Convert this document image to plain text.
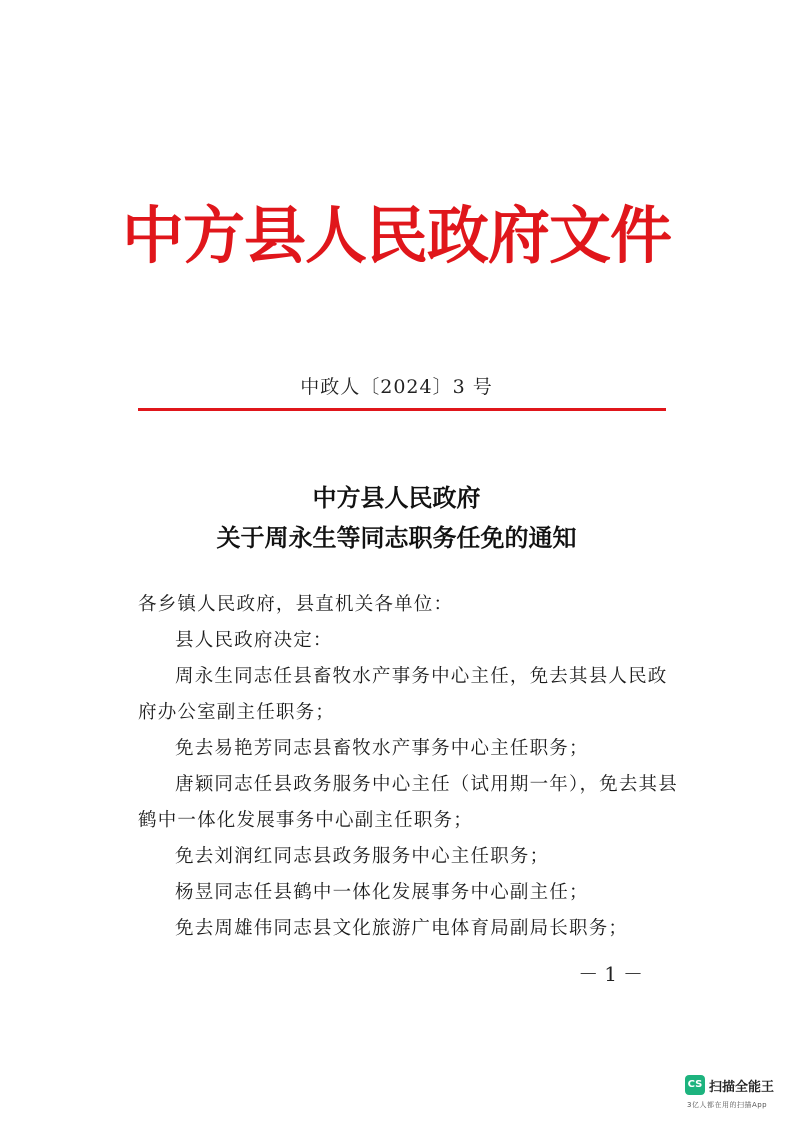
中方县人民政府文件
中政人〔2024〕3 号
中方县人民政府
关于周永生等同志职务任免的通知

各乡镇人民政府，县直机关各单位：

县人民政府决定：

周永生同志任县畜牧水产事务中心主任，免去其县人民政府办公室副主任职务；

免去易艳芳同志县畜牧水产事务中心主任职务；

唐颖同志任县政务服务中心主任（试用期一年），免去其县鹤中一体化发展事务中心副主任职务；

免去刘润红同志县政务服务中心主任职务；

杨昱同志任县鹤中一体化发展事务中心副主任；

免去周雄伟同志县文化旅游广电体育局副局长职务；

－1－
CS 扫描全能王
3亿人都在用的扫描App
